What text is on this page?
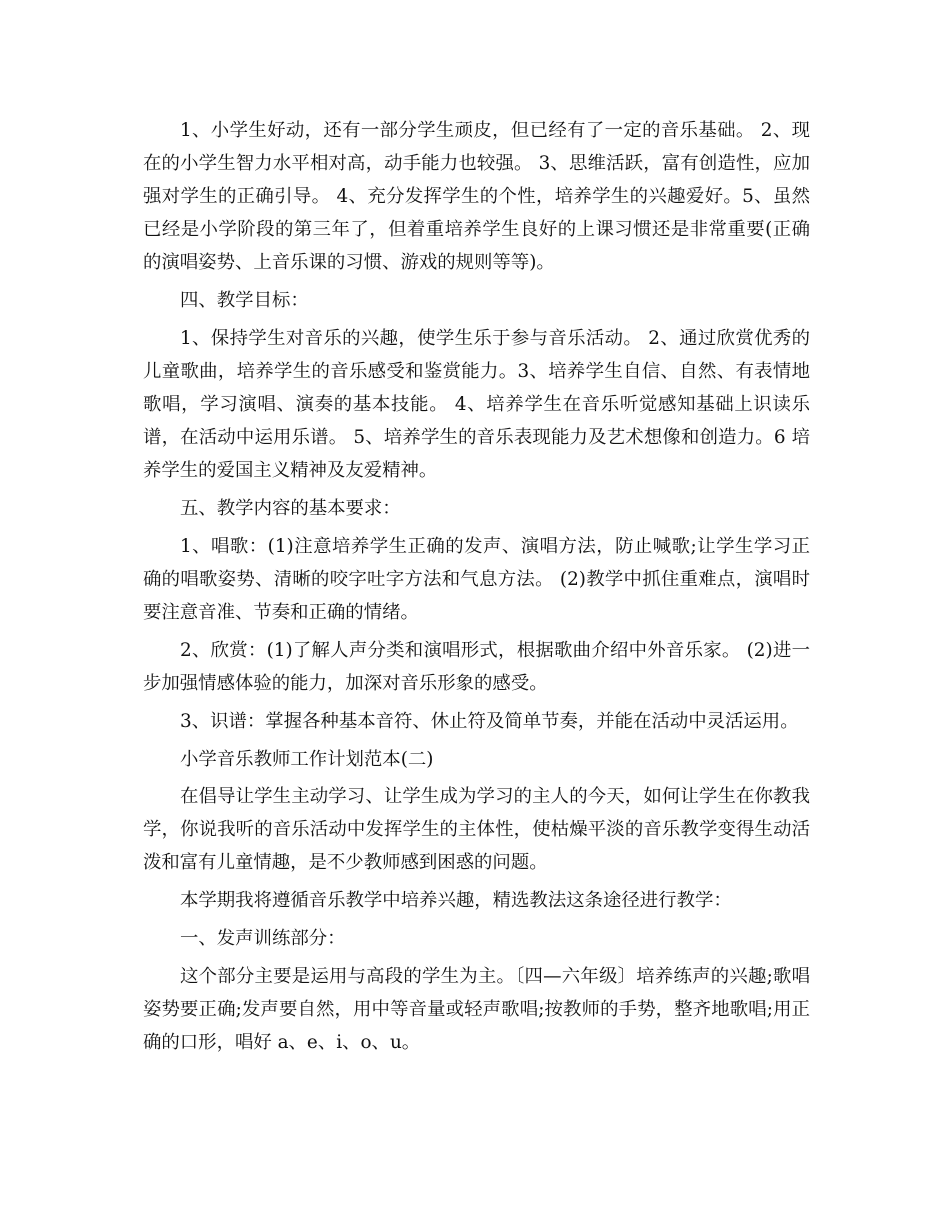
1、小学生好动，还有一部分学生顽皮，但已经有了一定的音乐基础。 2、现在的小学生智力水平相对高，动手能力也较强。 3、思维活跃，富有创造性，应加强对学生的正确引导。 4、充分发挥学生的个性，培养学生的兴趣爱好。5、虽然已经是小学阶段的第三年了，但着重培养学生良好的上课习惯还是非常重要(正确的演唱姿势、上音乐课的习惯、游戏的规则等等)。

四、教学目标：

1、保持学生对音乐的兴趣，使学生乐于参与音乐活动。 2、通过欣赏优秀的儿童歌曲，培养学生的音乐感受和鉴赏能力。3、培养学生自信、自然、有表情地歌唱，学习演唱、演奏的基本技能。 4、培养学生在音乐听觉感知基础上识读乐谱，在活动中运用乐谱。 5、培养学生的音乐表现能力及艺术想像和创造力。6 培养学生的爱国主义精神及友爱精神。

五、教学内容的基本要求：

1、唱歌：(1)注意培养学生正确的发声、演唱方法，防止喊歌;让学生学习正确的唱歌姿势、清晰的咬字吐字方法和气息方法。 (2)教学中抓住重难点，演唱时要注意音准、节奏和正确的情绪。

2、欣赏：(1)了解人声分类和演唱形式，根据歌曲介绍中外音乐家。 (2)进一步加强情感体验的能力，加深对音乐形象的感受。

3、识谱：掌握各种基本音符、休止符及简单节奏，并能在活动中灵活运用。

小学音乐教师工作计划范本(二)

在倡导让学生主动学习、让学生成为学习的主人的今天，如何让学生在你教我学，你说我听的音乐活动中发挥学生的主体性，使枯燥平淡的音乐教学变得生动活泼和富有儿童情趣，是不少教师感到困惑的问题。

本学期我将遵循音乐教学中培养兴趣，精选教法这条途径进行教学：

一、发声训练部分：

这个部分主要是运用与高段的学生为主。〔四—六年级〕培养练声的兴趣;歌唱姿势要正确;发声要自然，用中等音量或轻声歌唱;按教师的手势，整齐地歌唱;用正确的口形，唱好 a、e、i、o、u。
